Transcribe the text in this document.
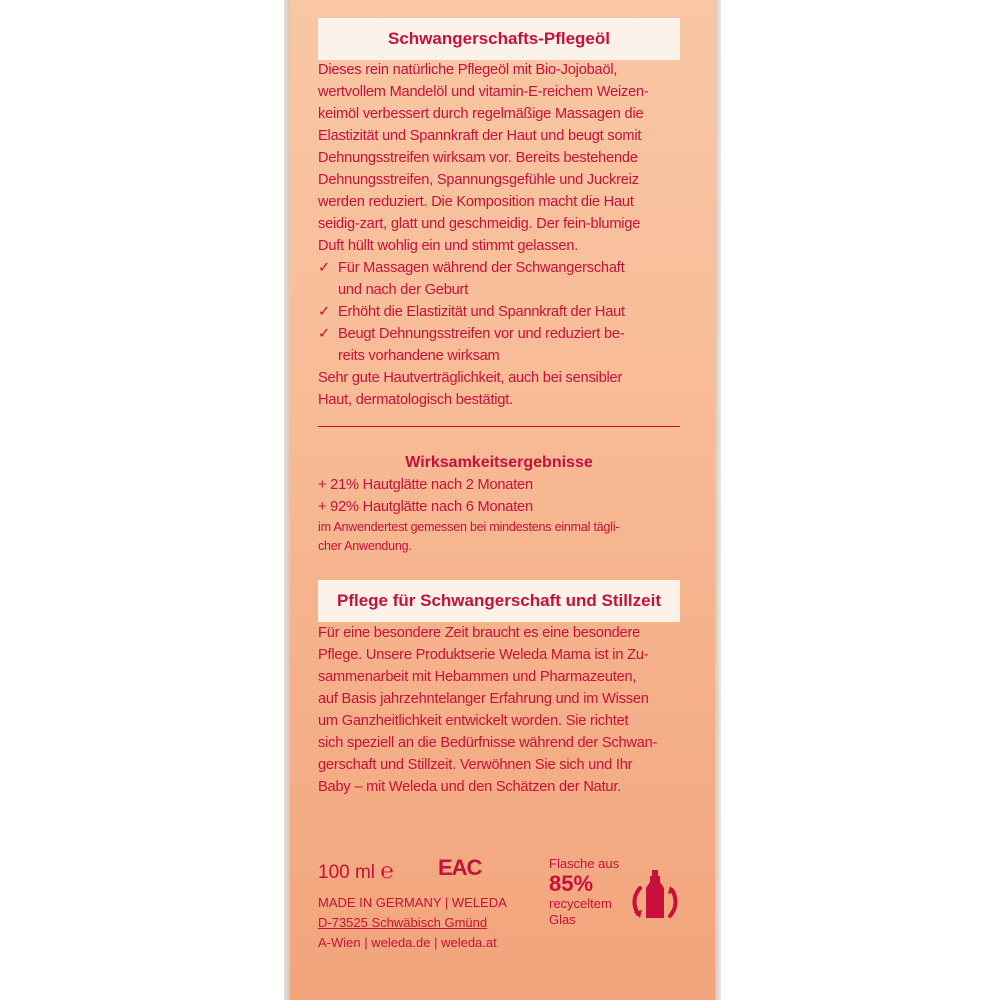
Schwangerschafts-Pflegeöl
Dieses rein natürliche Pflegeöl mit Bio-Jojobaöl,
wertvollem Mandelöl und vitamin-E-reichem Weizen-
keimöl verbessert durch regelmäßige Massagen die
Elastizität und Spannkraft der Haut und beugt somit
Dehnungsstreifen wirksam vor. Bereits bestehende
Dehnungsstreifen, Spannungsgefühle und Juckreiz
werden reduziert. Die Komposition macht die Haut
seidig-zart, glatt und geschmeidig. Der fein-blumige
Duft hüllt wohlig ein und stimmt gelassen.
✓ Für Massagen während der Schwangerschaft
und nach der Geburt
✓ Erhöht die Elastizität und Spannkraft der Haut
✓ Beugt Dehnungsstreifen vor und reduziert be-
reits vorhandene wirksam
Sehr gute Hautverträglichkeit, auch bei sensibler
Haut, dermatologisch bestätigt.
Wirksamkeitsergebnisse
+ 21% Hautglätte nach 2 Monaten
+ 92% Hautglätte nach 6 Monaten
im Anwendertest gemessen bei mindestens einmal tägli-
cher Anwendung.
Pflege für Schwangerschaft und Stillzeit
Für eine besondere Zeit braucht es eine besondere
Pflege. Unsere Produktserie Weleda Mama ist in Zu-
sammenarbeit mit Hebammen und Pharmazeuten,
auf Basis jahrzehntelanger Erfahrung und im Wissen
um Ganzheitlichkeit entwickelt worden. Sie richtet
sich speziell an die Bedürfnisse während der Schwan-
gerschaft und Stillzeit. Verwöhnen Sie sich und Ihr
Baby – mit Weleda und den Schätzen der Natur.
100 ml ℮ EAC
MADE IN GERMANY | WELEDA
D-73525 Schwäbisch Gmünd
A-Wien | weleda.de | weleda.at
Flasche aus
85%
recyceltem
Glas
